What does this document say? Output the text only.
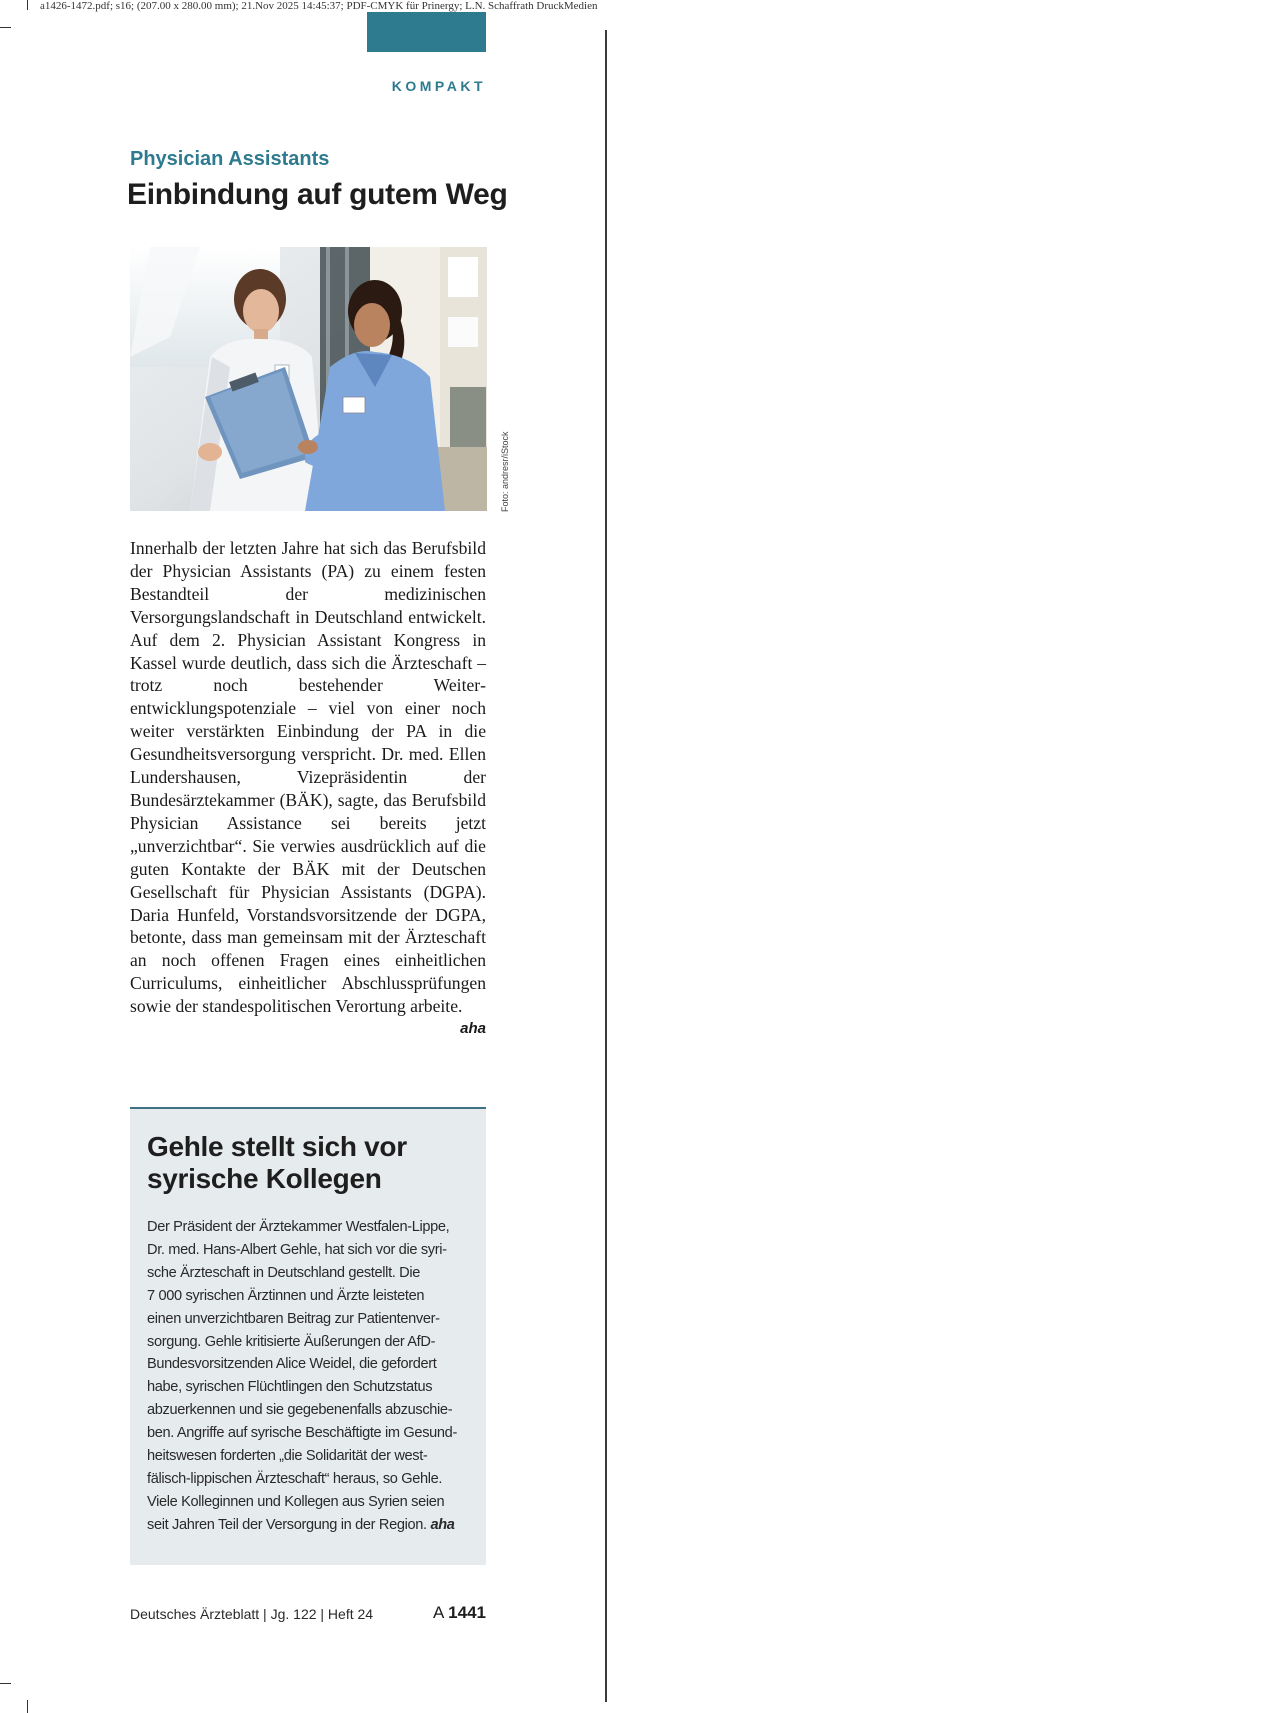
a1426-1472.pdf; s16; (207.00 x 280.00 mm); 21.Nov 2025 14:45:37; PDF-CMYK für Prinergy; L.N. Schaffrath DruckMedien
KOMPAKT
Physician Assistants
Einbindung auf gutem Weg
Foto: andresr/iStock

Innerhalb der letzten Jahre hat sich das Berufsbild der Physician Assistants (PA) zu einem festen Bestandteil der medizinischen Versorgungslandschaft in Deutschland entwickelt. Auf dem 2. Physician Assistant Kongress in Kassel wurde deutlich, dass sich die Ärzteschaft – trotz noch bestehender Weiterentwicklungspotenziale – viel von einer noch weiter verstärkten Einbindung der PA in die Gesundheitsversorgung verspricht. Dr. med. Ellen Lundershausen, Vizepräsidentin der Bundesärztekammer (BÄK), sagte, das Berufsbild Physician Assistance sei bereits jetzt „unverzichtbar“. Sie verwies ausdrücklich auf die guten Kontakte der BÄK mit der Deutschen Gesellschaft für Physician Assistants (DGPA). Daria Hunfeld, Vorstandsvorsitzende der DGPA, betonte, dass man gemeinsam mit der Ärzteschaft an noch offenen Fragen eines einheitlichen Curriculums, einheitlicher Abschlussprüfungen sowie der standespolitischen Verortung arbeite.
aha

Gehle stellt sich vor
syrische Kollegen

Der Präsident der Ärztekammer Westfalen-Lippe,
Dr. med. Hans-Albert Gehle, hat sich vor die syri-
sche Ärzteschaft in Deutschland gestellt. Die
7 000 syrischen Ärztinnen und Ärzte leisteten
einen unverzichtbaren Beitrag zur Patientenver-
sorgung. Gehle kritisierte Äußerungen der AfD-
Bundesvorsitzenden Alice Weidel, die gefordert
habe, syrischen Flüchtlingen den Schutzstatus
abzuerkennen und sie gegebenenfalls abzuschie-
ben. Angriffe auf syrische Beschäftigte im Gesund-
heitswesen forderten „die Solidarität der west-
fälisch-lippischen Ärzteschaft“ heraus, so Gehle.
Viele Kolleginnen und Kollegen aus Syrien seien
seit Jahren Teil der Versorgung in der Region. aha

Deutsches Ärzteblatt | Jg. 122 | Heft 24	A 1441
